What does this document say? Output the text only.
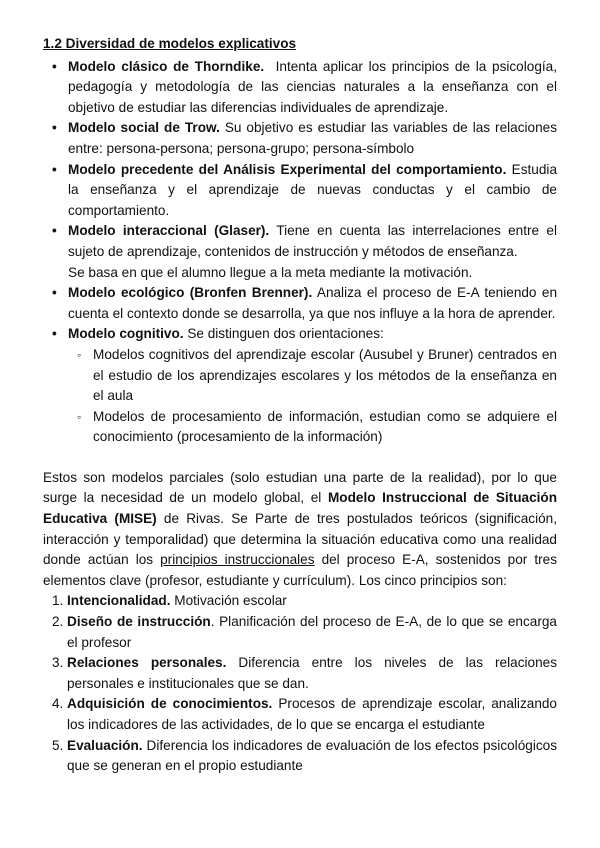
1.2 Diversidad de modelos explicativos
• Modelo clásico de Thorndike. Intenta aplicar los principios de la psicología, pedagogía y metodología de las ciencias naturales a la enseñanza con el objetivo de estudiar las diferencias individuales de aprendizaje.
• Modelo social de Trow. Su objetivo es estudiar las variables de las relaciones entre: persona-persona; persona-grupo; persona-símbolo
• Modelo precedente del Análisis Experimental del comportamiento. Estudia la enseñanza y el aprendizaje de nuevas conductas y el cambio de comportamiento.
• Modelo interaccional (Glaser). Tiene en cuenta las interrelaciones entre el sujeto de aprendizaje, contenidos de instrucción y métodos de enseñanza.
Se basa en que el alumno llegue a la meta mediante la motivación.
• Modelo ecológico (Bronfen Brenner). Analiza el proceso de E-A teniendo en cuenta el contexto donde se desarrolla, ya que nos influye a la hora de aprender.
• Modelo cognitivo. Se distinguen dos orientaciones:
◦ Modelos cognitivos del aprendizaje escolar (Ausubel y Bruner) centrados en el estudio de los aprendizajes escolares y los métodos de la enseñanza en el aula
◦ Modelos de procesamiento de información, estudian como se adquiere el conocimiento (procesamiento de la información)

Estos son modelos parciales (solo estudian una parte de la realidad), por lo que surge la necesidad de un modelo global, el Modelo Instruccional de Situación Educativa (MISE) de Rivas. Se Parte de tres postulados teóricos (significación, interacción y temporalidad) que determina la situación educativa como una realidad donde actúan los principios instruccionales del proceso E-A, sostenidos por tres elementos clave (profesor, estudiante y currículum). Los cinco principios son:

1. Intencionalidad. Motivación escolar
2. Diseño de instrucción. Planificación del proceso de E-A, de lo que se encarga el profesor
3. Relaciones personales. Diferencia entre los niveles de las relaciones personales e institucionales que se dan.
4. Adquisición de conocimientos. Procesos de aprendizaje escolar, analizando los indicadores de las actividades, de lo que se encarga el estudiante
5. Evaluación. Diferencia los indicadores de evaluación de los efectos psicológicos que se generan en el propio estudiante
